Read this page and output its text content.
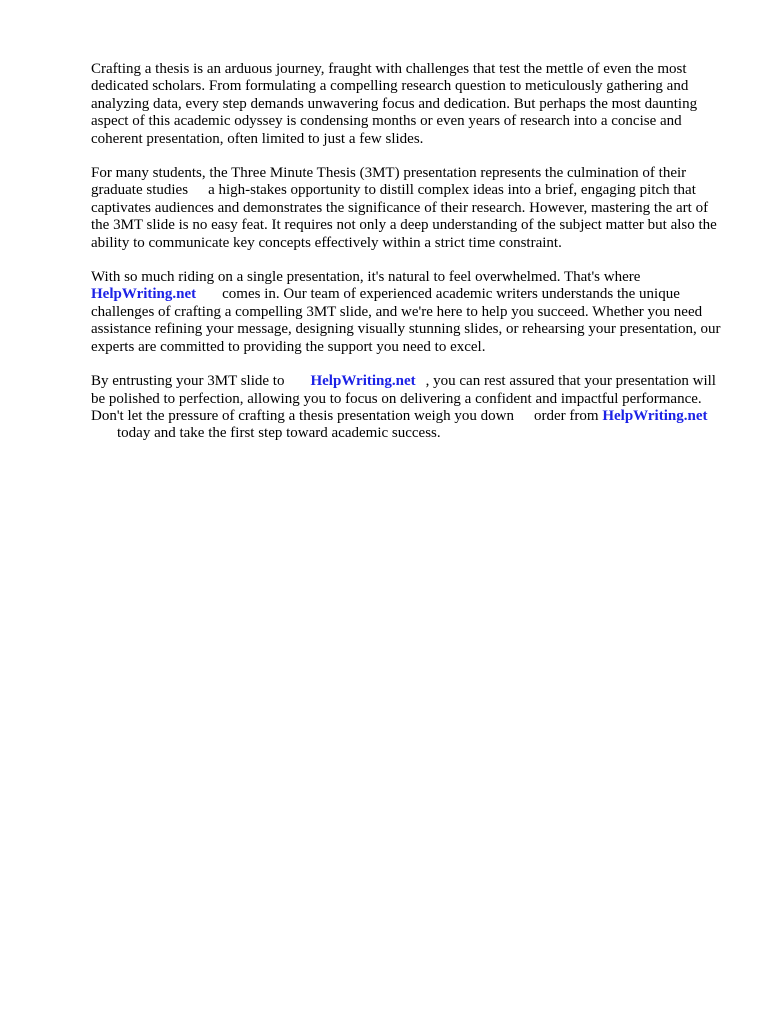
Crafting a thesis is an arduous journey, fraught with challenges that test the mettle of even the most dedicated scholars. From formulating a compelling research question to meticulously gathering and analyzing data, every step demands unwavering focus and dedication. But perhaps the most daunting aspect of this academic odyssey is condensing months or even years of research into a concise and coherent presentation, often limited to just a few slides.

For many students, the Three Minute Thesis (3MT) presentation represents the culmination of their graduate studies a high-stakes opportunity to distill complex ideas into a brief, engaging pitch that captivates audiences and demonstrates the significance of their research. However, mastering the art of the 3MT slide is no easy feat. It requires not only a deep understanding of the subject matter but also the ability to communicate key concepts effectively within a strict time constraint.

With so much riding on a single presentation, it's natural to feel overwhelmed. That's where HelpWriting.net comes in. Our team of experienced academic writers understands the unique challenges of crafting a compelling 3MT slide, and we're here to help you succeed. Whether you need assistance refining your message, designing visually stunning slides, or rehearsing your presentation, our experts are committed to providing the support you need to excel.

By entrusting your 3MT slide to HelpWriting.net , you can rest assured that your presentation will be polished to perfection, allowing you to focus on delivering a confident and impactful performance. Don't let the pressure of crafting a thesis presentation weigh you down order from HelpWriting.nettoday and take the first step toward academic success.
